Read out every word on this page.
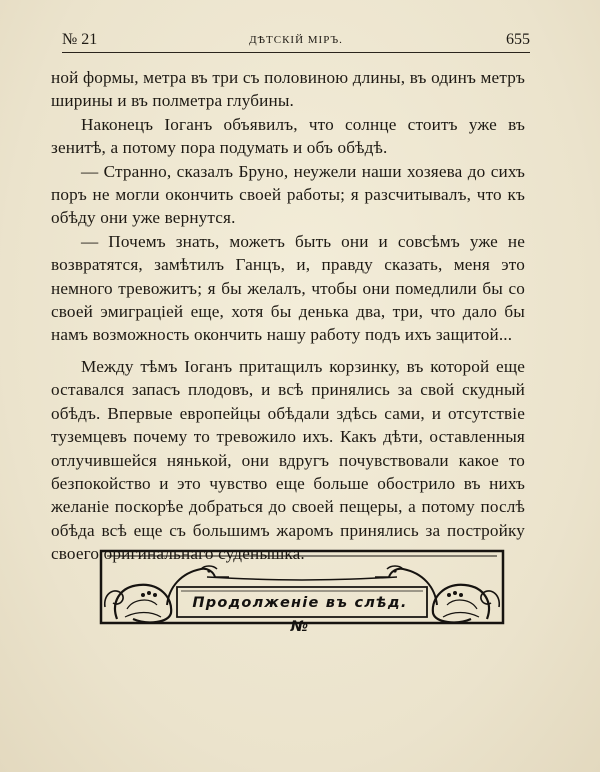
№ 21	ДѢТСКІЙ МІРЪ.	655

ной формы, метра въ три съ половиною длины, въ одинъ метръ ширины и въ полметра глубины.

Наконецъ Іоганъ объявилъ, что солнце стоитъ уже въ зенитѣ, а потому пора подумать и объ обѣдѣ.

— Странно, сказалъ Бруно, неужели наши хозяева до сихъ поръ не могли окончить своей работы; я разсчитывалъ, что къ обѣду они уже вернутся.

— Почемъ знать, можетъ быть они и совсѣмъ уже не возвратятся, замѣтилъ Ганцъ, и, правду сказать, меня это немного тревожитъ; я бы желалъ, чтобы они помедлили бы со своей эмиграціей еще, хотя бы денька два, три, что дало бы намъ возможность окончить нашу работу подъ ихъ защитой...

Между тѣмъ Іоганъ притащилъ корзинку, въ которой еще оставался запасъ плодовъ, и всѣ принялись за свой скудный обѣдъ. Впервые европейцы обѣдали здѣсь сами, и отсутствіе туземцевъ почему то тревожило ихъ. Какъ дѣти, оставленныя отлучившейся нянькой, они вдругъ почувствовали какое то безпокойство и это чувство еще больше обострило въ нихъ желаніе поскорѣе добраться до своей пещеры, а потому послѣ обѣда всѣ еще съ большимъ жаромъ принялись за постройку своего оригинальнаго суденышка.

Продолженіе въ слѣд. №
